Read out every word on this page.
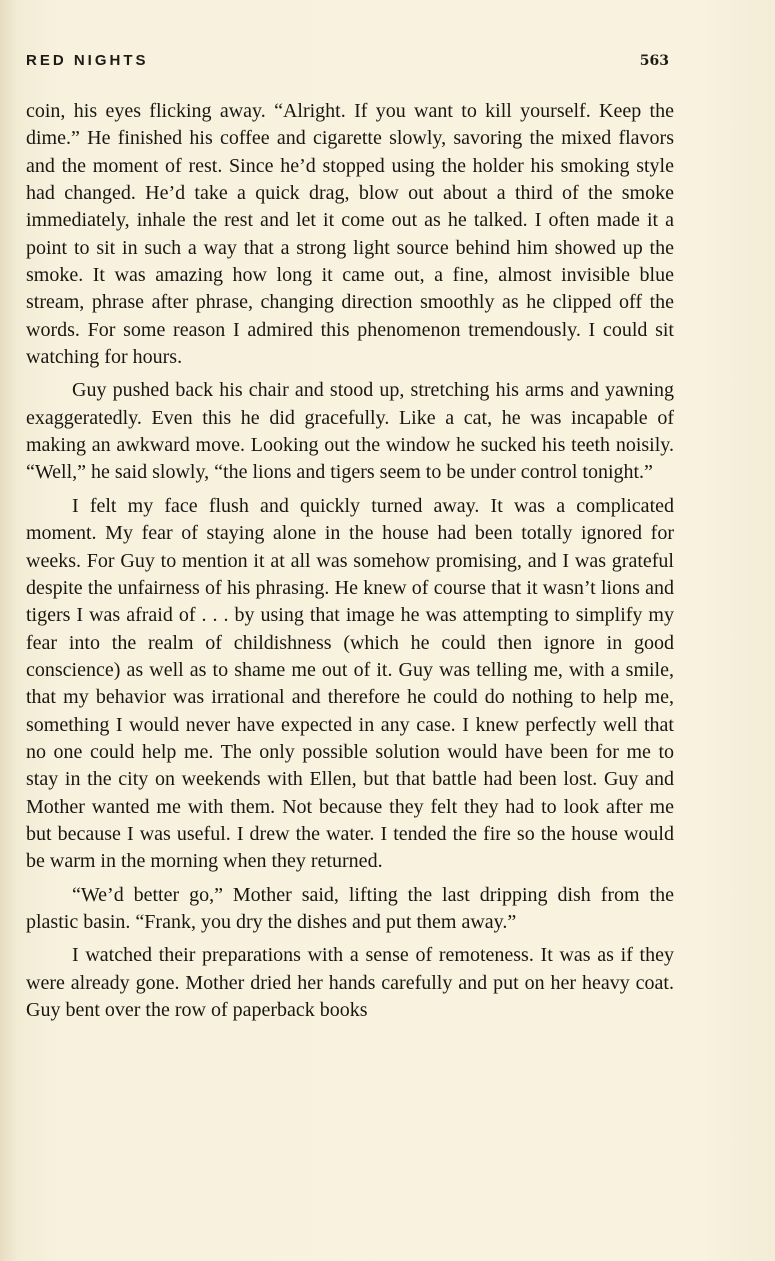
RED NIGHTS	563

coin, his eyes flicking away. “Alright. If you want to kill yourself. Keep the dime.” He finished his coffee and cigarette slowly, savoring the mixed flavors and the moment of rest. Since he’d stopped using the holder his smoking style had changed. He’d take a quick drag, blow out about a third of the smoke immediately, inhale the rest and let it come out as he talked. I often made it a point to sit in such a way that a strong light source behind him showed up the smoke. It was amazing how long it came out, a fine, almost invisible blue stream, phrase after phrase, changing direction smoothly as he clipped off the words. For some reason I admired this phenomenon tremendously. I could sit watching for hours.

Guy pushed back his chair and stood up, stretching his arms and yawning exaggeratedly. Even this he did gracefully. Like a cat, he was incapable of making an awkward move. Looking out the window he sucked his teeth noisily. “Well,” he said slowly, “the lions and tigers seem to be under control tonight.”

I felt my face flush and quickly turned away. It was a complicated moment. My fear of staying alone in the house had been totally ignored for weeks. For Guy to mention it at all was somehow promising, and I was grateful despite the unfairness of his phrasing. He knew of course that it wasn’t lions and tigers I was afraid of . . . by using that image he was attempting to simplify my fear into the realm of childishness (which he could then ignore in good conscience) as well as to shame me out of it. Guy was telling me, with a smile, that my behavior was irrational and therefore he could do nothing to help me, something I would never have expected in any case. I knew perfectly well that no one could help me. The only possible solution would have been for me to stay in the city on weekends with Ellen, but that battle had been lost. Guy and Mother wanted me with them. Not because they felt they had to look after me but because I was useful. I drew the water. I tended the fire so the house would be warm in the morning when they returned.

“We’d better go,” Mother said, lifting the last dripping dish from the plastic basin. “Frank, you dry the dishes and put them away.”

I watched their preparations with a sense of remoteness. It was as if they were already gone. Mother dried her hands carefully and put on her heavy coat. Guy bent over the row of paperback books
